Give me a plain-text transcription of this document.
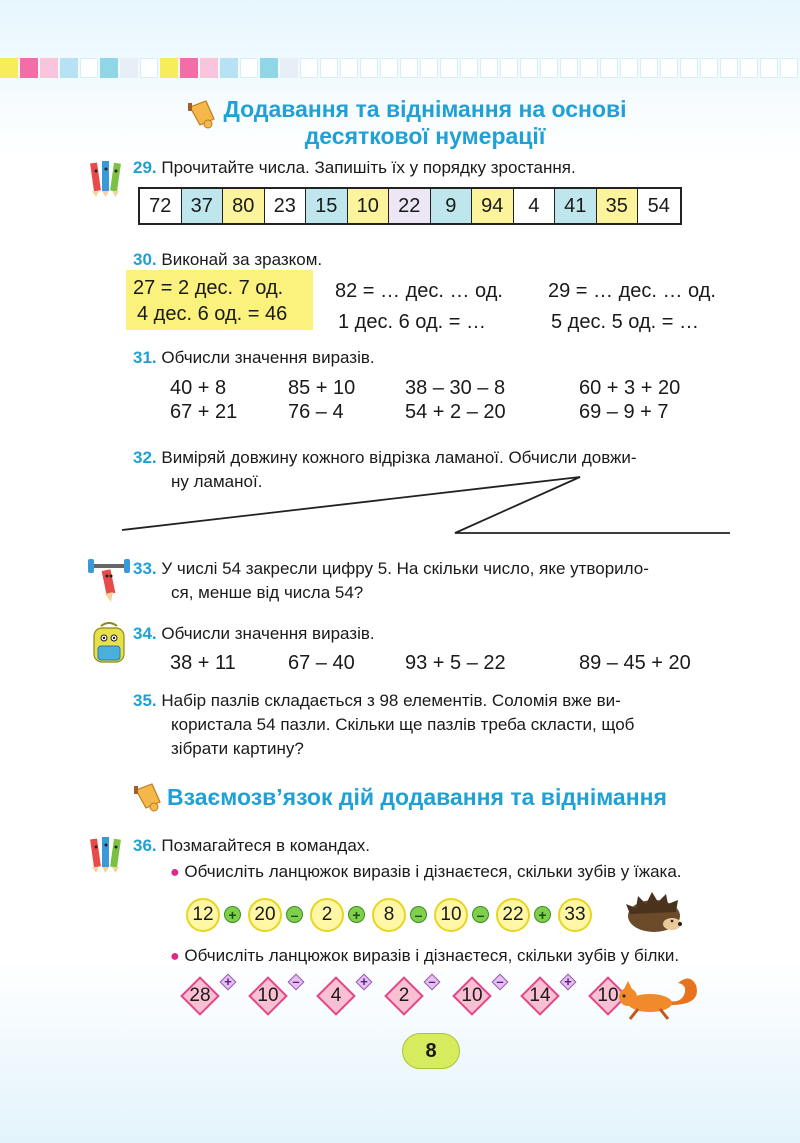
Додавання та віднімання на основі
десяткової нумерації
29. Прочитайте числа. Запишіть їх у порядку зростання.
72 37 80 23 15 10 22	9	94	4	41 35 54
30. Виконай за зразком.
27 = 2 дес. 7 од.
4 дес. 6 од. = 46
82 = … дес. … од. 29 = … дес. … од.
1 дес. 6 од. = …	5 дес. 5 од. = …
31. Обчисли значення виразів.
40 + 8	85 + 10 38 – 30 – 8	60 + 3 + 20
67 + 21	76 – 4	54 + 2 – 20	69 – 9 + 7
32. Виміряй довжину кожного відрізка ламаної. Обчисли довжи-
ну ламаної.
33. У числі 54 закресли цифру 5. На скільки число, яке утворило-
ся, менше від числа 54?
34. Обчисли значення виразів.
38 + 11	67 – 40	93 + 5 – 22	89 – 45 + 20
35. Набір пазлів складається з 98 елементів. Соломія вже ви-
користала 54 пазли. Скільки ще пазлів треба скласти, щоб
зібрати картину?
Взаємозв’язок дій додавання та віднімання
36. Позмагайтеся в командах.
● Обчисліть ланцюжок виразів і дізнаєтеся, скільки зубів у їжака.
12	+ 20	–	2	+	8	– 10	– 22	+ 33
● Обчисліть ланцюжок виразів і дізнаєтеся, скільки зубів у білки.
28
+
10
–
4
+
2
–
10
–
14
+
10
8
